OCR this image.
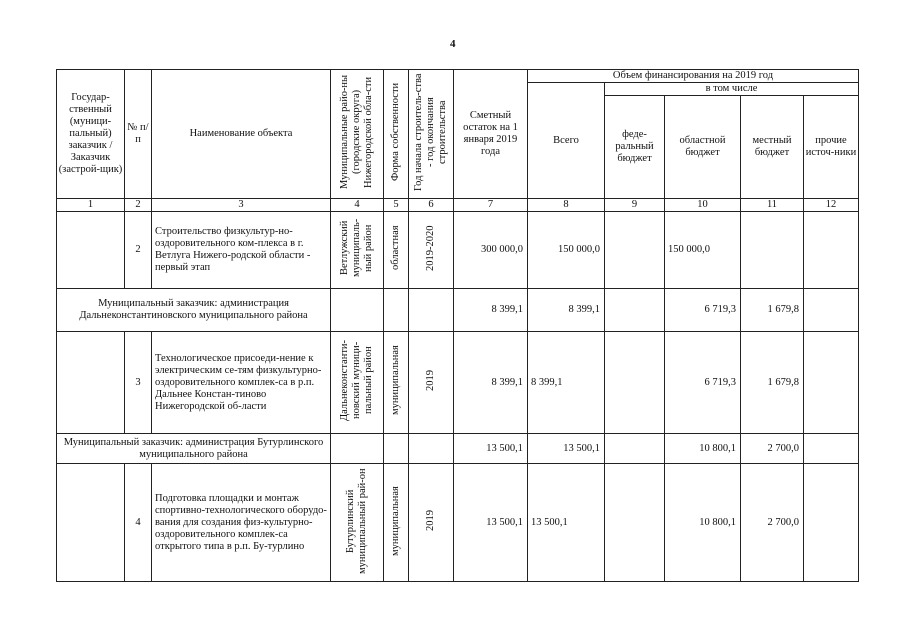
4
Государ-ственный (муници-пальный) заказчик / Заказчик (застрой-щик)	№ п/п	Наименование объекта	Муниципальные райо-ны (городские округа) Нижегородской обла-сти	Форма собственности	Год начала строитель-ства - год окончания строительства	Сметный остаток на 1 января 2019 года	Объем финансирования на 2019 год				
							Всего	в том числе			
								феде-ральный бюджет	областной бюджет	местный бюджет	прочие источ-ники
1	2	3	4	5	6	7	8	9	10	11	12
	2	Строительство физкультур-но-оздоровительного ком-плекса в г. Ветлуга Нижего-родской области - первый этап	Ветлужский муниципаль-ный район	областная	2019-2020	300 000,0	150 000,0		150 000,0		
Муниципальный заказчик: администрация Дальнеконстантиновского муниципального района						8 399,1	8 399,1		6 719,3	1 679,8	
	3	Технологическое присоеди-нение к электрическим се-тям физкультурно-оздоровительного комплек-са в р.п. Дальнее Констан-тиново Нижегородской об-ласти	Дальнеконстанти-новский муници-пальный район	муниципальная	2019	8 399,1	8 399,1		6 719,3	1 679,8	
Муниципальный заказчик: администрация Бутурлинского муниципального района						13 500,1	13 500,1		10 800,1	2 700,0	
	4	Подготовка площадки и монтаж спортивно-технологического оборудо-вания для создания физ-культурно-оздоровительного комплек-са открытого типа в р.п. Бу-турлино	Бутурлинский муниципальный рай-он	муниципальная	2019	13 500,1	13 500,1		10 800,1	2 700,0	
